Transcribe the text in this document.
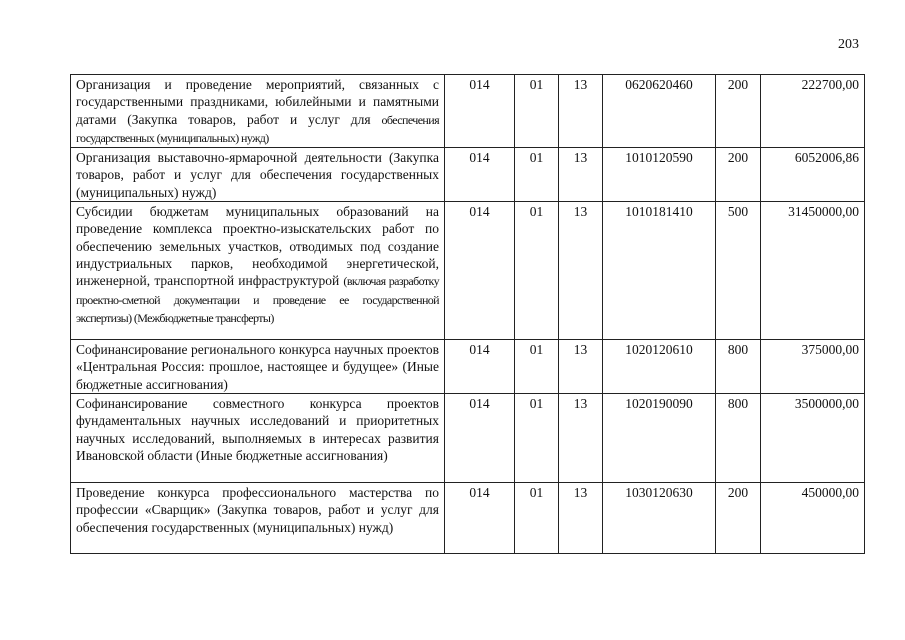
203
Организация и проведение мероприятий, связанных с государственными праздниками, юбилейными и памятными датами (Закупка товаров, работ и услуг для обеспечения государственных (муниципальных) нужд)	014	01	13	0620620460	200	222700,00
Организация выставочно-ярмарочной деятельности (Закупка товаров, работ и услуг для обеспечения государственных (муниципальных) нужд)	014	01	13	1010120590	200	6052006,86
Субсидии бюджетам муниципальных образований на проведение комплекса проектно-изыскательских работ по обеспечению земельных участков, отводимых под создание индустриальных парков, необходимой энергетической, инженерной, транспортной инфраструктурой (включая разработку проектно-сметной документации и проведение ее государственной экспертизы) (Межбюджетные трансферты)	014	01	13	1010181410	500	31450000,00
Софинансирование регионального конкурса научных проектов «Центральная Россия: прошлое, настоящее и будущее» (Иные бюджетные ассигнования)	014	01	13	1020120610	800	375000,00
Софинансирование совместного конкурса проектов фундаментальных научных исследований и приоритетных научных исследований, выполняемых в интересах развития Ивановской области (Иные бюджетные ассигнования)	014	01	13	1020190090	800	3500000,00
Проведение конкурса профессионального мастерства по профессии «Сварщик» (Закупка товаров, работ и услуг для обеспечения государственных (муниципальных) нужд)	014	01	13	1030120630	200	450000,00
